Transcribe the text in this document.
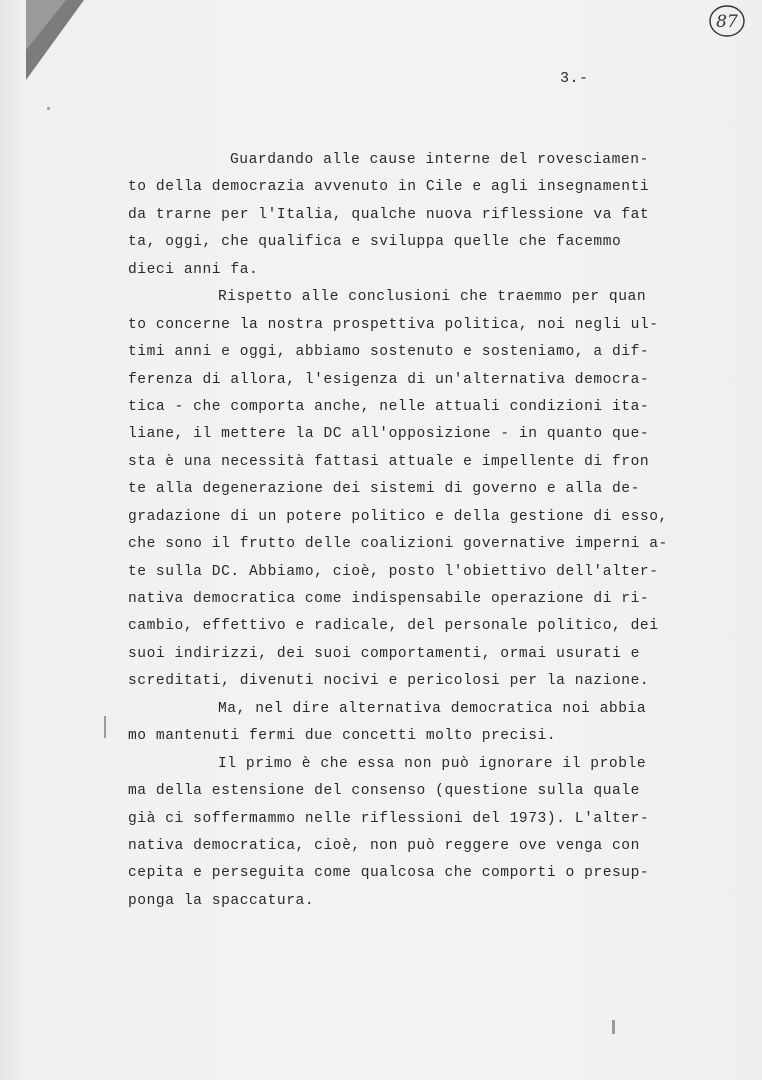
87
3.-
Guardando alle cause interne del rovesciamen-
to della democrazia avvenuto in Cile e agli insegnamenti
da trarne per l'Italia, qualche nuova riflessione va fat
ta, oggi, che qualifica e sviluppa quelle che facemmo
dieci anni fa.
Rispetto alle conclusioni che traemmo per quan
to concerne la nostra prospettiva politica, noi negli ul-
timi anni e oggi, abbiamo sostenuto e sosteniamo, a dif-
ferenza di allora, l'esigenza di un'alternativa democra-
tica - che comporta anche, nelle attuali condizioni ita-
liane, il mettere la DC all'opposizione - in quanto que-
sta è una necessità fattasi attuale e impellente di fron
te alla degenerazione dei sistemi di governo e alla de-
gradazione di un potere politico e della gestione di esso,
che sono il frutto delle coalizioni governative imperni a-
te sulla DC. Abbiamo, cioè, posto l'obiettivo dell'alter-
nativa democratica come indispensabile operazione di ri-
cambio, effettivo e radicale, del personale politico, dei
suoi indirizzi, dei suoi comportamenti, ormai usurati e
screditati, divenuti nocivi e pericolosi per la nazione.
Ma, nel dire alternativa democratica noi abbia
mo mantenuti fermi due concetti molto precisi.
Il primo è che essa non può ignorare il proble
ma della estensione del consenso (questione sulla quale
già ci soffermammo nelle riflessioni del 1973). L'alter-
nativa democratica, cioè, non può reggere ove venga con
cepita e perseguita come qualcosa che comporti o presup-
ponga la spaccatura.
